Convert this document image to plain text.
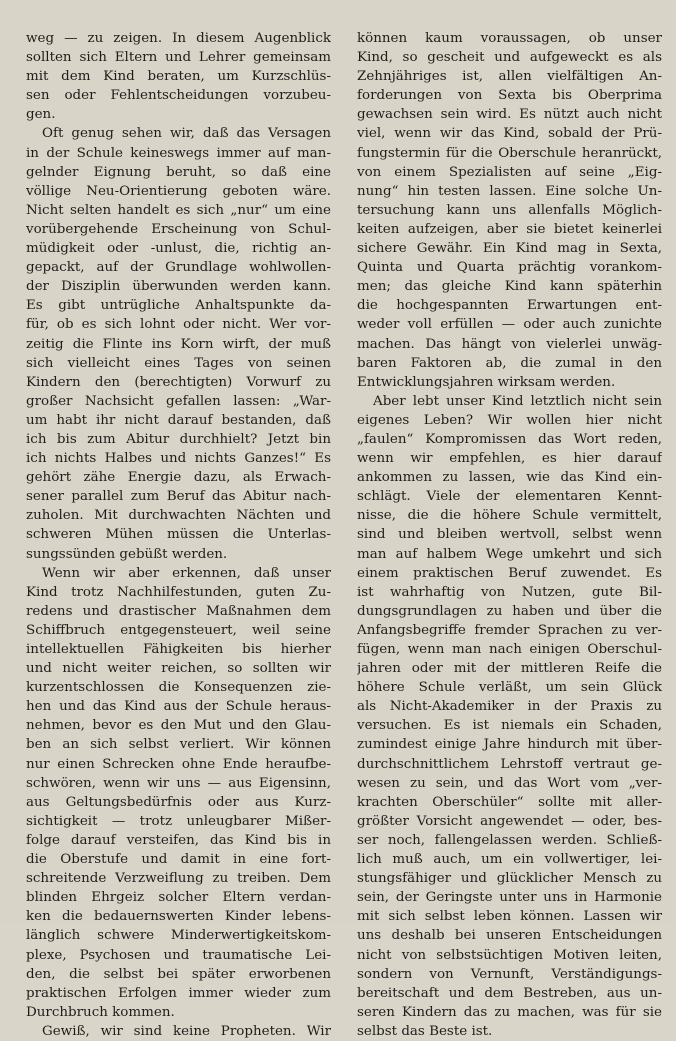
weg — zu zeigen. In diesem Augenblick
sollten sich Eltern und Lehrer gemeinsam
mit dem Kind beraten, um Kurzschlüs-
sen oder Fehlentscheidungen vorzubeu-
gen.
Oft genug sehen wir, daß das Versagen
in der Schule keineswegs immer auf man-
gelnder Eignung beruht, so daß eine
völlige Neu-Orientierung geboten wäre.
Nicht selten handelt es sich „nur“ um eine
vorübergehende Erscheinung von Schul-
müdigkeit oder -unlust, die, richtig an-
gepackt, auf der Grundlage wohlwollen-
der Disziplin überwunden werden kann.
Es gibt untrügliche Anhaltspunkte da-
für, ob es sich lohnt oder nicht. Wer vor-
zeitig die Flinte ins Korn wirft, der muß
sich vielleicht eines Tages von seinen
Kindern den (berechtigten) Vorwurf zu
großer Nachsicht gefallen lassen: „War-
um habt ihr nicht darauf bestanden, daß
ich bis zum Abitur durchhielt? Jetzt bin
ich nichts Halbes und nichts Ganzes!“ Es
gehört zähe Energie dazu, als Erwach-
sener parallel zum Beruf das Abitur nach-
zuholen. Mit durchwachten Nächten und
schweren Mühen müssen die Unterlas-
sungssünden gebüßt werden.
Wenn wir aber erkennen, daß unser
Kind trotz Nachhilfestunden, guten Zu-
redens und drastischer Maßnahmen dem
Schiffbruch entgegensteuert, weil seine
intellektuellen Fähigkeiten bis hierher
und nicht weiter reichen, so sollten wir
kurzentschlossen die Konsequenzen zie-
hen und das Kind aus der Schule heraus-
nehmen, bevor es den Mut und den Glau-
ben an sich selbst verliert. Wir können
nur einen Schrecken ohne Ende heraufbe-
schwören, wenn wir uns — aus Eigensinn,
aus Geltungsbedürfnis oder aus Kurz-
sichtigkeit — trotz unleugbarer Mißer-
folge darauf versteifen, das Kind bis in
die Oberstufe und damit in eine fort-
schreitende Verzweiflung zu treiben. Dem
blinden Ehrgeiz solcher Eltern verdan-
ken die bedauernswerten Kinder lebens-
länglich schwere Minderwertigkeitskom-
plexe, Psychosen und traumatische Lei-
den, die selbst bei später erworbenen
praktischen Erfolgen immer wieder zum
Durchbruch kommen.
Gewiß, wir sind keine Propheten. Wir
können kaum voraussagen, ob unser
Kind, so gescheit und aufgeweckt es als
Zehnjähriges ist, allen vielfältigen An-
forderungen von Sexta bis Oberprima
gewachsen sein wird. Es nützt auch nicht
viel, wenn wir das Kind, sobald der Prü-
fungstermin für die Oberschule heranrückt,
von einem Spezialisten auf seine „Eig-
nung“ hin testen lassen. Eine solche Un-
tersuchung kann uns allenfalls Möglich-
keiten aufzeigen, aber sie bietet keinerlei
sichere Gewähr. Ein Kind mag in Sexta,
Quinta und Quarta prächtig vorankom-
men; das gleiche Kind kann späterhin
die hochgespannten Erwartungen ent-
weder voll erfüllen — oder auch zunichte
machen. Das hängt von vielerlei unwäg-
baren Faktoren ab, die zumal in den
Entwicklungsjahren wirksam werden.
Aber lebt unser Kind letztlich nicht sein
eigenes Leben? Wir wollen hier nicht
„faulen“ Kompromissen das Wort reden,
wenn wir empfehlen, es hier darauf
ankommen zu lassen, wie das Kind ein-
schlägt. Viele der elementaren Kennt-
nisse, die die höhere Schule vermittelt,
sind und bleiben wertvoll, selbst wenn
man auf halbem Wege umkehrt und sich
einem praktischen Beruf zuwendet. Es
ist wahrhaftig von Nutzen, gute Bil-
dungsgrundlagen zu haben und über die
Anfangsbegriffe fremder Sprachen zu ver-
fügen, wenn man nach einigen Oberschul-
jahren oder mit der mittleren Reife die
höhere Schule verläßt, um sein Glück
als Nicht-Akademiker in der Praxis zu
versuchen. Es ist niemals ein Schaden,
zumindest einige Jahre hindurch mit über-
durchschnittlichem Lehrstoff vertraut ge-
wesen zu sein, und das Wort vom „ver-
krachten Oberschüler“ sollte mit aller-
größter Vorsicht angewendet — oder, bes-
ser noch, fallengelassen werden. Schließ-
lich muß auch, um ein vollwertiger, lei-
stungsfähiger und glücklicher Mensch zu
sein, der Geringste unter uns in Harmonie
mit sich selbst leben können. Lassen wir
uns deshalb bei unseren Entscheidungen
nicht von selbstsüchtigen Motiven leiten,
sondern von Vernunft, Verständigungs-
bereitschaft und dem Bestreben, aus un-
seren Kindern das zu machen, was für sie
selbst das Beste ist.
